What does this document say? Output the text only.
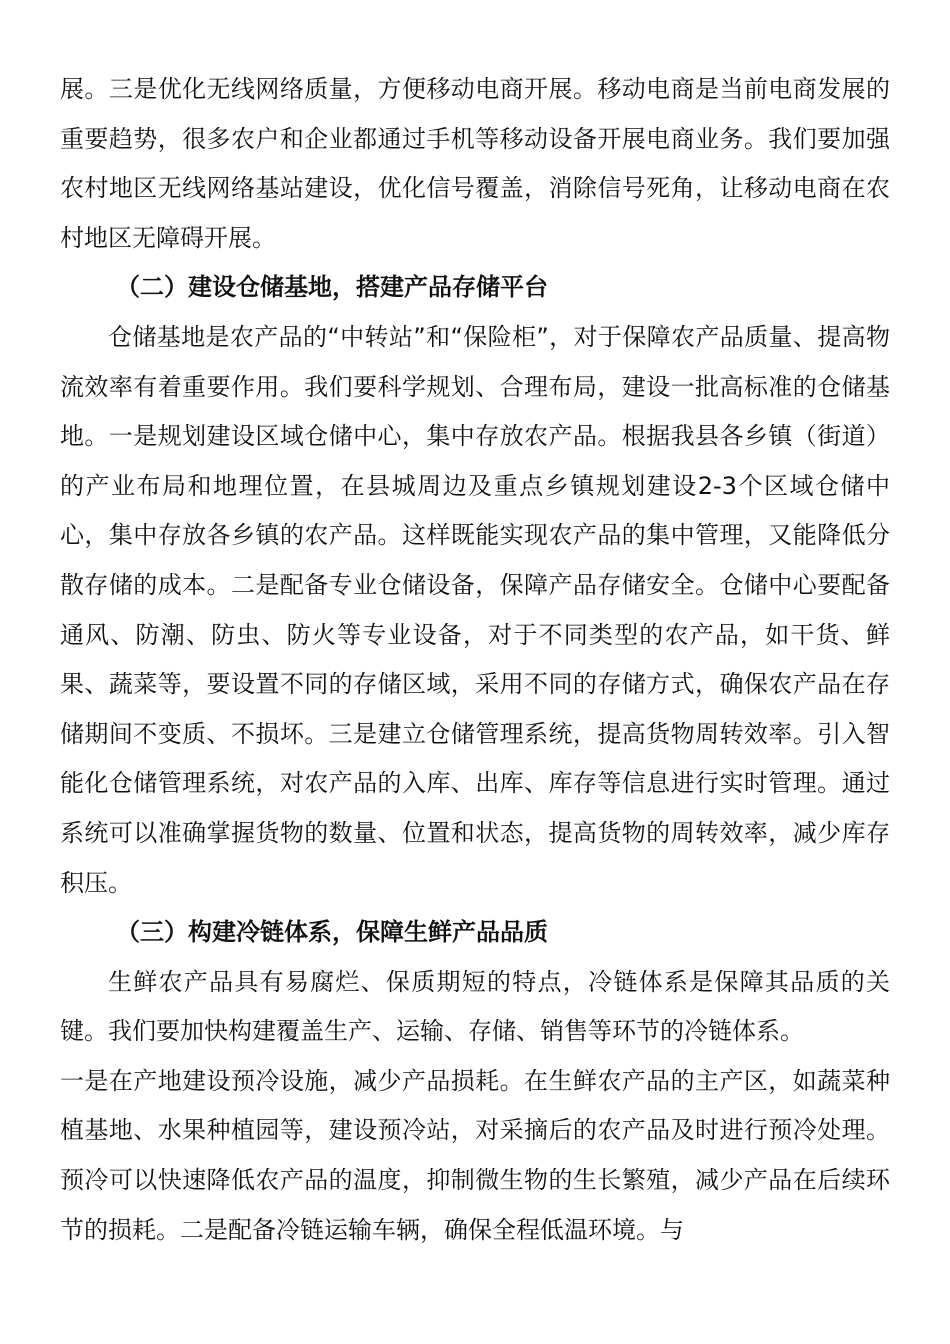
展。三是优化无线网络质量，方便移动电商开展。移动电商是当前电商发展的重要趋势，很多农户和企业都通过手机等移动设备开展电商业务。我们要加强农村地区无线网络基站建设，优化信号覆盖，消除信号死角，让移动电商在农村地区无障碍开展。

（二）建设仓储基地，搭建产品存储平台

仓储基地是农产品的“中转站”和“保险柜”，对于保障农产品质量、提高物流效率有着重要作用。我们要科学规划、合理布局，建设一批高标准的仓储基地。一是规划建设区域仓储中心，集中存放农产品。根据我县各乡镇（街道）的产业布局和地理位置，在县城周边及重点乡镇规划建设2-3个区域仓储中心，集中存放各乡镇的农产品。这样既能实现农产品的集中管理，又能降低分散存储的成本。二是配备专业仓储设备，保障产品存储安全。仓储中心要配备通风、防潮、防虫、防火等专业设备，对于不同类型的农产品，如干货、鲜果、蔬菜等，要设置不同的存储区域，采用不同的存储方式，确保农产品在存储期间不变质、不损坏。三是建立仓储管理系统，提高货物周转效率。引入智能化仓储管理系统，对农产品的入库、出库、库存等信息进行实时管理。通过系统可以准确掌握货物的数量、位置和状态，提高货物的周转效率，减少库存积压。

（三）构建冷链体系，保障生鲜产品品质

生鲜农产品具有易腐烂、保质期短的特点，冷链体系是保障其品质的关键。我们要加快构建覆盖生产、运输、存储、销售等环节的冷链体系。

一是在产地建设预冷设施，减少产品损耗。在生鲜农产品的主产区，如蔬菜种植基地、水果种植园等，建设预冷站，对采摘后的农产品及时进行预冷处理。预冷可以快速降低农产品的温度，抑制微生物的生长繁殖，减少产品在后续环节的损耗。二是配备冷链运输车辆，确保全程低温环境。与
